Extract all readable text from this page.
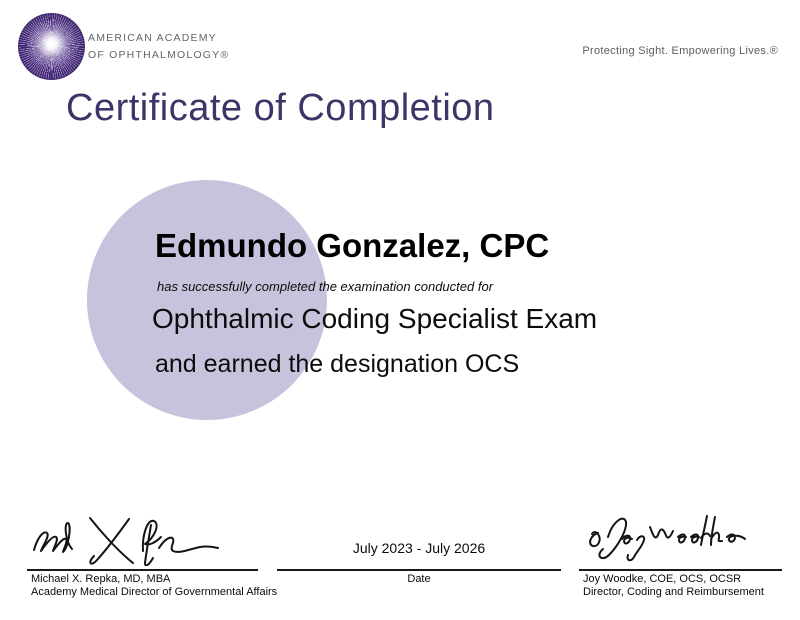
AMERICAN ACADEMY
OF OPHTHALMOLOGY®	Protecting Sight. Empowering Lives.®
Certificate of Completion
Edmundo Gonzalez, CPC
has successfully completed the examination conducted for
Ophthalmic Coding Specialist Exam
and earned the designation OCS
Michael X. Repka, MD, MBA
Academy Medical Director of Governmental Affairs
July 2023 - July 2026
Date	Joy Woodke, COE, OCS, OCSR
Director, Coding and Reimbursement
